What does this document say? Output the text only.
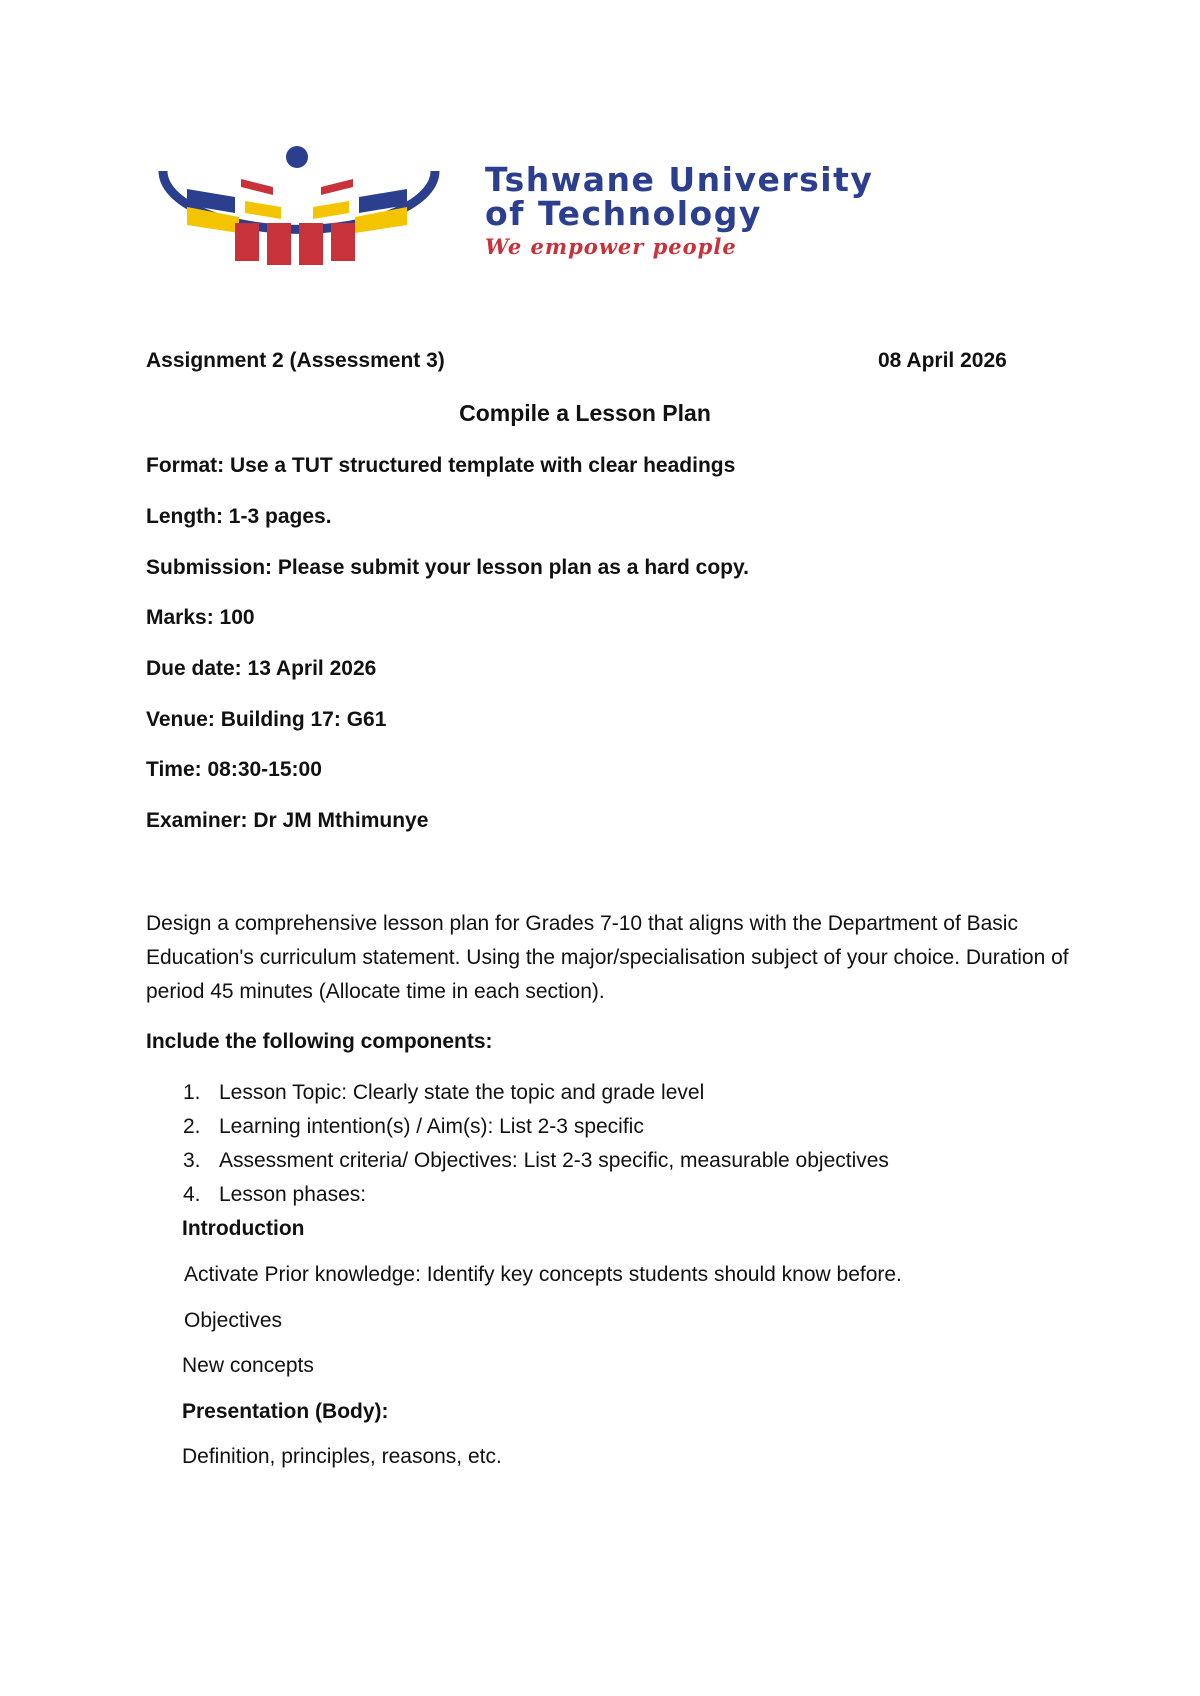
Tshwane University
of Technology
We empower people
Assignment 2 (Assessment 3)	08 April 2026
Compile a Lesson Plan
Format: Use a TUT structured template with clear headings
Length: 1-3 pages.
Submission: Please submit your lesson plan as a hard copy.
Marks: 100
Due date: 13 April 2026
Venue: Building 17: G61
Time: 08:30-15:00
Examiner: Dr JM Mthimunye
Design a comprehensive lesson plan for Grades 7-10 that aligns with the Department of Basic Education's curriculum statement. Using the major/specialisation subject of your choice. Duration of period 45 minutes (Allocate time in each section).
Include the following components:
1. Lesson Topic: Clearly state the topic and grade level
2. Learning intention(s) / Aim(s): List 2-3 specific
3. Assessment criteria/ Objectives: List 2-3 specific, measurable objectives
4. Lesson phases:
Introduction
Activate Prior knowledge: Identify key concepts students should know before.
Objectives
New concepts
Presentation (Body):
Definition, principles, reasons, etc.
